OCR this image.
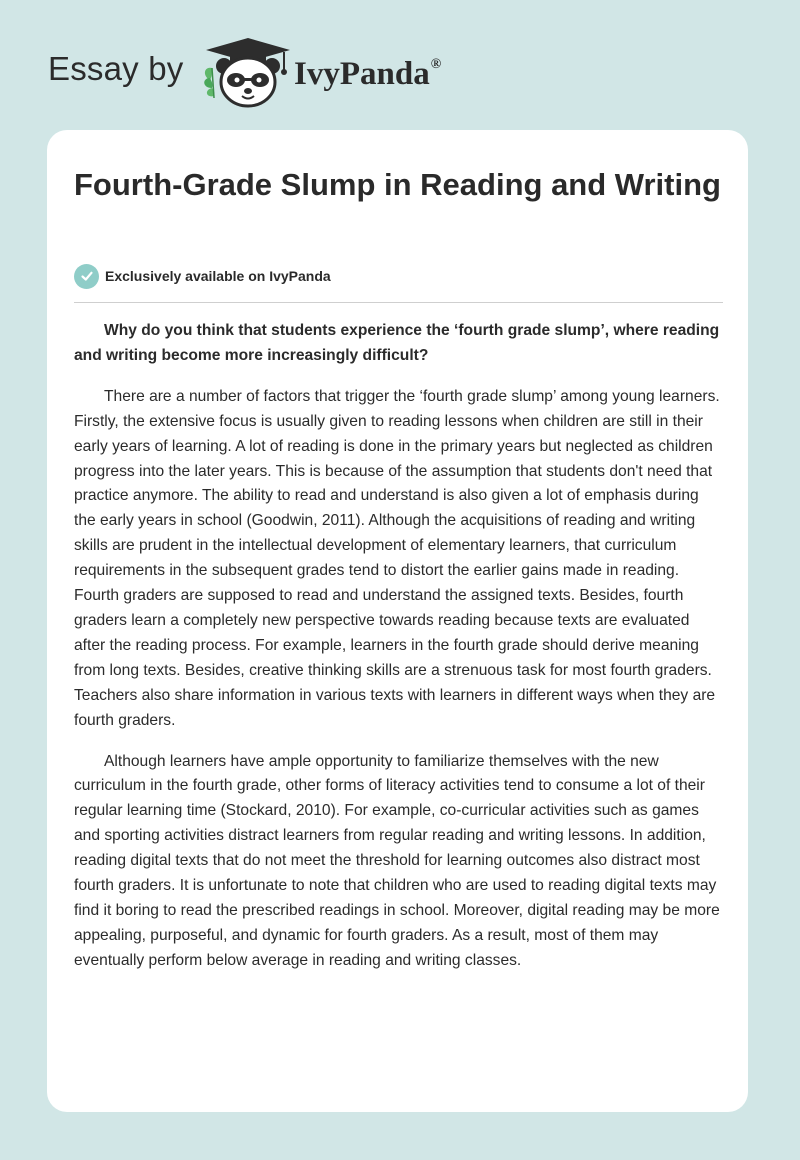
Essay by	IvyPanda®
Fourth-Grade Slump in Reading and Writing
Exclusively available on IvyPanda

Why do you think that students experience the ‘fourth grade slump’, where reading and writing become more increasingly difficult?

There are a number of factors that trigger the ‘fourth grade slump’ among young learners. Firstly, the extensive focus is usually given to reading lessons when children are still in their early years of learning. A lot of reading is done in the primary years but neglected as children progress into the later years. This is because of the assumption that students don't need that practice anymore. The ability to read and understand is also given a lot of emphasis during the early years in school (Goodwin, 2011). Although the acquisitions of reading and writing skills are prudent in the intellectual development of elementary learners, that curriculum requirements in the subsequent grades tend to distort the earlier gains made in reading. Fourth graders are supposed to read and understand the assigned texts. Besides, fourth graders learn a completely new perspective towards reading because texts are evaluated after the reading process. For example, learners in the fourth grade should derive meaning from long texts. Besides, creative thinking skills are a strenuous task for most fourth graders. Teachers also share information in various texts with learners in different ways when they are fourth graders.

Although learners have ample opportunity to familiarize themselves with the new curriculum in the fourth grade, other forms of literacy activities tend to consume a lot of their regular learning time (Stockard, 2010). For example, co-curricular activities such as games and sporting activities distract learners from regular reading and writing lessons. In addition, reading digital texts that do not meet the threshold for learning outcomes also distract most fourth graders. It is unfortunate to note that children who are used to reading digital texts may find it boring to read the prescribed readings in school. Moreover, digital reading may be more appealing, purposeful, and dynamic for fourth graders. As a result, most of them may eventually perform below average in reading and writing classes.
